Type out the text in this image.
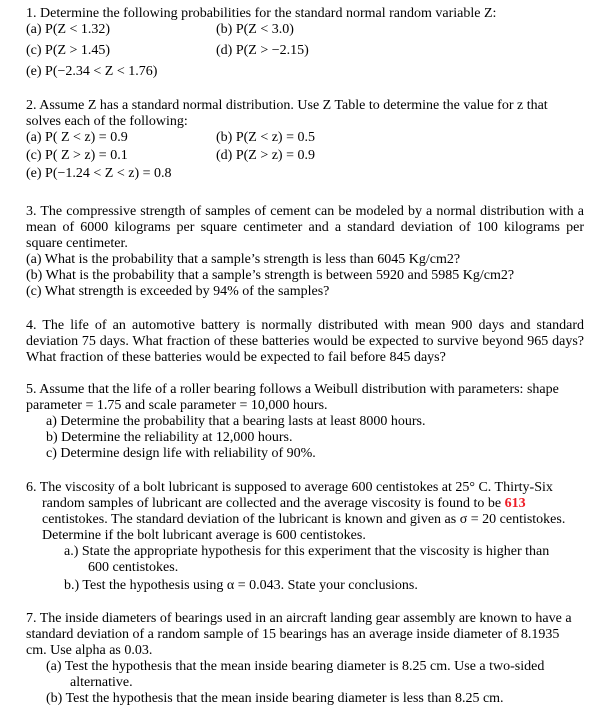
1. Determine the following probabilities for the standard normal random variable Z:
(a) P(Z < 1.32)	(b) P(Z < 3.0)
(c) P(Z > 1.45)	(d) P(Z > −2.15)
(e) P(−2.34 < Z < 1.76)
2. Assume Z has a standard normal distribution. Use Z Table to determine the value for z that
solves each of the following:
(a) P( Z < z) = 0.9	(b) P(Z < z) = 0.5
(c) P( Z > z) = 0.1	(d) P(Z > z) = 0.9
(e) P(−1.24 < Z < z) = 0.8
3. The compressive strength of samples of cement can be modeled by a normal distribution with a mean of 6000 kilograms per square centimeter and a standard deviation of 100 kilograms per square centimeter.
(a) What is the probability that a sample’s strength is less than 6045 Kg/cm2?
(b) What is the probability that a sample’s strength is between 5920 and 5985 Kg/cm2?
(c) What strength is exceeded by 94% of the samples?
4. The life of an automotive battery is normally distributed with mean 900 days and standard deviation 75 days. What fraction of these batteries would be expected to survive beyond 965 days? What fraction of these batteries would be expected to fail before 845 days?
5. Assume that the life of a roller bearing follows a Weibull distribution with parameters: shape
parameter = 1.75 and scale parameter = 10,000 hours.
a) Determine the probability that a bearing lasts at least 8000 hours.
b) Determine the reliability at 12,000 hours.
c) Determine design life with reliability of 90%.
6. The viscosity of a bolt lubricant is supposed to average 600 centistokes at 25° C. Thirty-Six
random samples of lubricant are collected and the average viscosity is found to be 613
centistokes. The standard deviation of the lubricant is known and given as σ = 20 centistokes.
Determine if the bolt lubricant average is 600 centistokes.
a.) State the appropriate hypothesis for this experiment that the viscosity is higher than
600 centistokes.
b.) Test the hypothesis using α = 0.043. State your conclusions.
7. The inside diameters of bearings used in an aircraft landing gear assembly are known to have a
standard deviation of a random sample of 15 bearings has an average inside diameter of 8.1935
cm. Use alpha as 0.03.
(a) Test the hypothesis that the mean inside bearing diameter is 8.25 cm. Use a two-sided
alternative.
(b) Test the hypothesis that the mean inside bearing diameter is less than 8.25 cm.
